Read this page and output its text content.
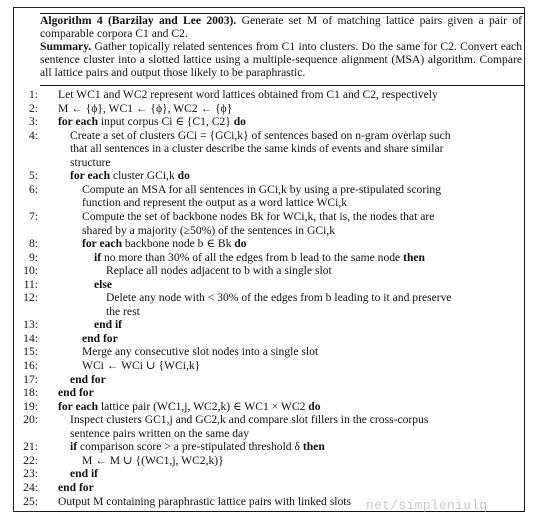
Algorithm 4 (Barzilay and Lee 2003). Generate set M of matching lattice pairs given a pair of comparable corpora C1 and C2.

Summary. Gather topically related sentences from C1 into clusters. Do the same for C2. Convert each sentence cluster into a slotted lattice using a multiple-sequence alignment (MSA) algorithm. Compare all lattice pairs and output those likely to be paraphrastic.

1: Let WC1 and WC2 represent word lattices obtained from C1 and C2, respectively
2: M ← {ϕ}, WC1 ← {ϕ}, WC2 ← {ϕ}
3: for each input corpus Ci ∈ {C1, C2} do
4:	Create a set of clusters GCi = {GCi,k} of sentences based on n-gram overlap such
that all sentences in a cluster describe the same kinds of events and share similar
structure
5:	for each cluster GCi,k do
6:	Compute an MSA for all sentences in GCi,k by using a pre-stipulated scoring
function and represent the output as a word lattice WCi,k
7:	Compute the set of backbone nodes Bk for WCi,k, that is, the nodes that are
shared by a majority (≥50%) of the sentences in GCi,k
8:	for each backbone node b ∈ Bk do
9:	if no more than 30% of all the edges from b lead to the same node then
10:	Replace all nodes adjacent to b with a single slot
11:	else
12:	Delete any node with < 30% of the edges from b leading to it and preserve
the rest
13:	end if
14:	end for
15:	Merge any consecutive slot nodes into a single slot
16:	WCi ← WCi ∪ {WCi,k}
17:	end for
18: end for
19: for each lattice pair (WC1,j, WC2,k) ∈ WC1 × WC2 do
20:	Inspect clusters GC1,j and GC2,k and compare slot fillers in the cross-corpus
sentence pairs written on the same day
21:	if comparison score > a pre-stipulated threshold δ then
22:	M ← M ∪ {(WC1,j, WC2,k)}
23:	end if
24: end for
25: Output M containing paraphrastic lattice pairs with linked slots net/simpleniulq
